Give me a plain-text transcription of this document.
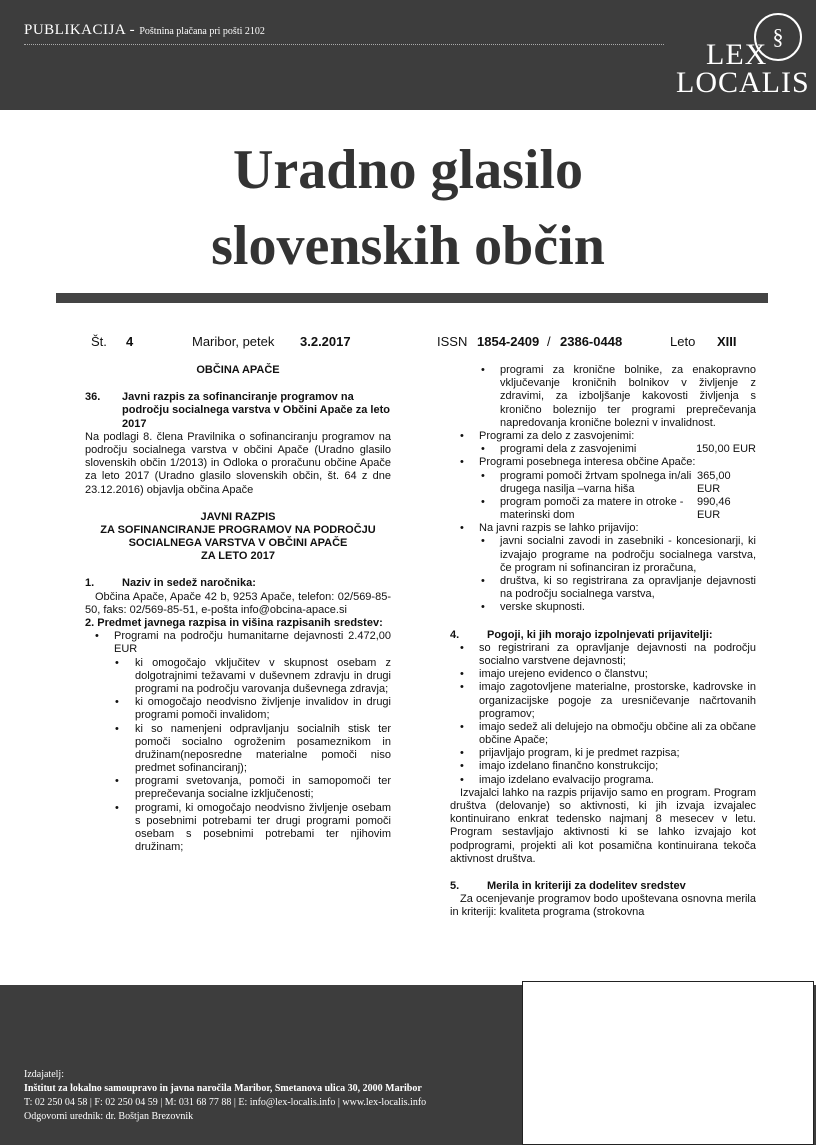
PUBLIKACIJA - Poštnina plačana pri pošti 2102	§
LEX
LOCALIS
Uradno glasilo
slovenskih občin
Št. 4	Maribor, petek 3.2.2017	ISSN 1854-2409 / 2386-0448	Leto XIII

OBČINA APAČE

36.	Javni razpis za sofinanciranje programov na področju socialnega varstva v Občini Apače za leto 2017

Na podlagi 8. člena Pravilnika o sofinanciranju programov na področju socialnega varstva v občini Apače (Uradno glasilo slovenskih občin 1/2013) in Odloka o proračunu občine Apače za leto 2017 (Uradno glasilo slovenskih občin, št. 64 z dne 23.12.2016) objavlja občina Apače

JAVNI RAZPIS

ZA SOFINANCIRANJE PROGRAMOV NA PODROČJU SOCIALNEGA VARSTVA V OBČINI APAČE

ZA LETO 2017

1.	Naziv in sedež naročnika:

Občina Apače, Apače 42 b, 9253 Apače, telefon: 02/569-85-50, faks: 02/569-85-51, e-pošta info@obcina-apace.si

2. Predmet javnega razpisa in višina razpisanih sredstev:

• Programi na področju humanitarne dejavnosti 2.472,00 EUR
• ki omogočajo vključitev v skupnost osebam z dolgotrajnimi težavami v duševnem zdravju in drugi programi na področju varovanja duševnega zdravja;
• ki omogočajo neodvisno življenje invalidov in drugi programi pomoči invalidom;
• ki so namenjeni odpravljanju socialnih stisk ter pomoči socialno ogroženim posameznikom in družinam(neposredne materialne pomoči niso predmet sofinanciranj);
• programi svetovanja, pomoči in samopomoči ter preprečevanja socialne izključenosti;
• programi, ki omogočajo neodvisno življenje osebam s posebnimi potrebami ter drugi programi pomoči osebam s posebnimi potrebami ter njihovim družinam;
• programi za kronične bolnike, za enakopravno vključevanje kroničnih bolnikov v življenje z zdravimi, za izboljšanje kakovosti življenja s kronično boleznijo ter programi preprečevanja napredovanja kronične bolezni v invalidnost.
• Programi za delo z zasvojenimi:
• programi dela z zasvojenimi	150,00 EUR
• Programi posebnega interesa občine Apače:
• programi pomoči žrtvam spolnega in/ali drugega nasilja –varna hiša
365,00 EUR
• program pomoči za matere in otroke - materinski dom
990,46 EUR
• Na javni razpis se lahko prijavijo:
• javni socialni zavodi in zasebniki - koncesionarji, ki izvajajo programe na področju socialnega varstva, če program ni sofinanciran iz proračuna,
• društva, ki so registrirana za opravljanje dejavnosti na področju socialnega varstva,
• verske skupnosti.
4.	Pogoji, ki jih morajo izpolnjevati prijavitelji:
• so registrirani za opravljanje dejavnosti na področju socialno varstvene dejavnosti;
• imajo urejeno evidenco o članstvu;
• imajo zagotovljene materialne, prostorske, kadrovske in organizacijske pogoje za uresničevanje načrtovanih programov;
• imajo sedež ali delujejo na območju občine ali za občane občine Apače;
• prijavljajo program, ki je predmet razpisa;
• imajo izdelano finančno konstrukcijo;
• imajo izdelano evalvacijo programa.

Izvajalci lahko na razpis prijavijo samo en program. Program društva (delovanje) so aktivnosti, ki jih izvaja izvajalec kontinuirano enkrat tedensko najmanj 8 mesecev v letu. Program sestavljajo aktivnosti ki se lahko izvajajo kot podprogrami, projekti ali kot posamična kontinuirana tekoča aktivnost društva.

5.	Merila in kriteriji za dodelitev sredstev

Za ocenjevanje programov bodo upoštevana osnovna merila in kriteriji: kvaliteta programa (strokovna

Izdajatelj:
Inštitut za lokalno samoupravo in javna naročila Maribor, Smetanova ulica 30, 2000 Maribor
T: 02 250 04 58 | F: 02 250 04 59 | M: 031 68 77 88 | E: info@lex-localis.info | www.lex-localis.info
Odgovorni urednik: dr. Boštjan Brezovnik
